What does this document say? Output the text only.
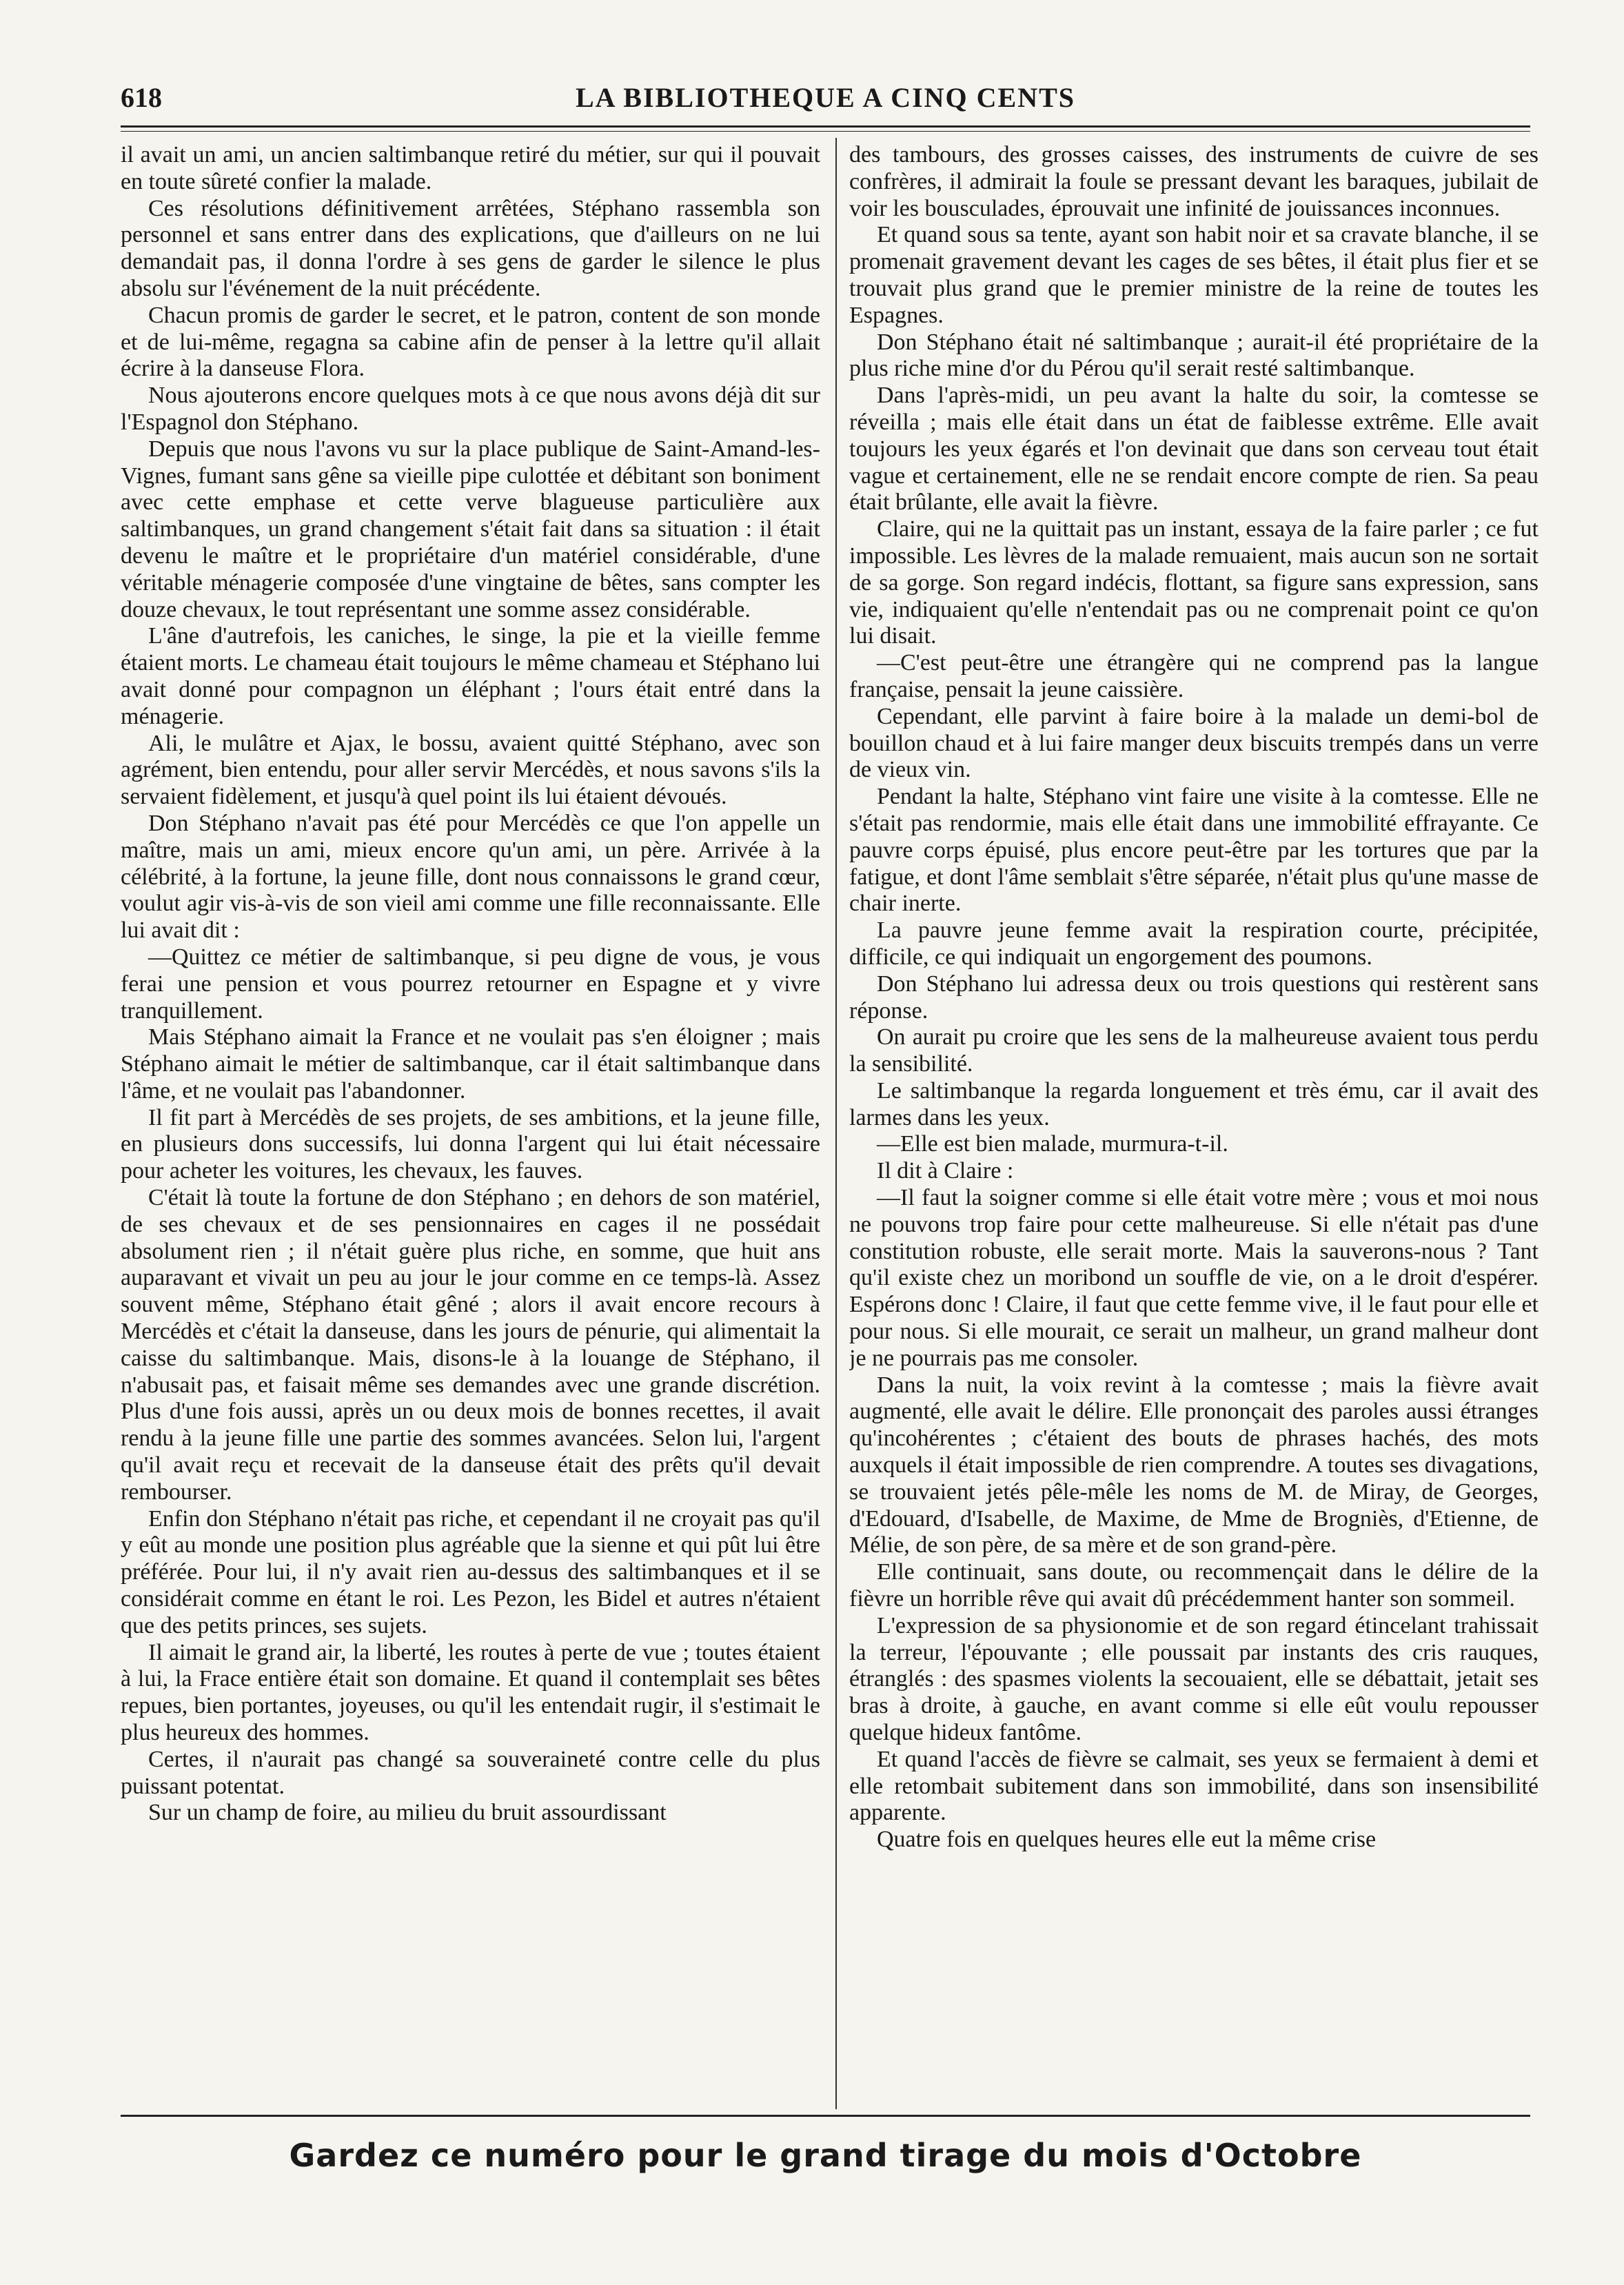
618	LA BIBLIOTHEQUE A CINQ CENTS

il avait un ami, un ancien saltimbanque retiré du métier, sur qui il pouvait en toute sûreté confier la malade.

Ces résolutions définitivement arrêtées, Stéphano rassembla son personnel et sans entrer dans des explications, que d'ailleurs on ne lui demandait pas, il donna l'ordre à ses gens de garder le silence le plus absolu sur l'événement de la nuit précédente.

Chacun promis de garder le secret, et le patron, content de son monde et de lui-même, regagna sa cabine afin de penser à la lettre qu'il allait écrire à la danseuse Flora.

Nous ajouterons encore quelques mots à ce que nous avons déjà dit sur l'Espagnol don Stéphano.

Depuis que nous l'avons vu sur la place publique de Saint-Amand-les-Vignes, fumant sans gêne sa vieille pipe culottée et débitant son boniment avec cette emphase et cette verve blagueuse particulière aux saltimbanques, un grand changement s'était fait dans sa situation : il était devenu le maître et le propriétaire d'un matériel considérable, d'une véritable ménagerie composée d'une vingtaine de bêtes, sans compter les douze chevaux, le tout représentant une somme assez considérable.

L'âne d'autrefois, les caniches, le singe, la pie et la vieille femme étaient morts. Le chameau était toujours le même chameau et Stéphano lui avait donné pour compagnon un éléphant ; l'ours était entré dans la ménagerie.

Ali, le mulâtre et Ajax, le bossu, avaient quitté Stéphano, avec son agrément, bien entendu, pour aller servir Mercédès, et nous savons s'ils la servaient fidèlement, et jusqu'à quel point ils lui étaient dévoués.

Don Stéphano n'avait pas été pour Mercédès ce que l'on appelle un maître, mais un ami, mieux encore qu'un ami, un père. Arrivée à la célébrité, à la fortune, la jeune fille, dont nous connaissons le grand cœur, voulut agir vis-à-vis de son vieil ami comme une fille reconnaissante. Elle lui avait dit :

—Quittez ce métier de saltimbanque, si peu digne de vous, je vous ferai une pension et vous pourrez retourner en Espagne et y vivre tranquillement.

Mais Stéphano aimait la France et ne voulait pas s'en éloigner ; mais Stéphano aimait le métier de saltimbanque, car il était saltimbanque dans l'âme, et ne voulait pas l'abandonner.

Il fit part à Mercédès de ses projets, de ses ambitions, et la jeune fille, en plusieurs dons successifs, lui donna l'argent qui lui était nécessaire pour acheter les voitures, les chevaux, les fauves.

C'était là toute la fortune de don Stéphano ; en dehors de son matériel, de ses chevaux et de ses pensionnaires en cages il ne possédait absolument rien ; il n'était guère plus riche, en somme, que huit ans auparavant et vivait un peu au jour le jour comme en ce temps-là. Assez souvent même, Stéphano était gêné ; alors il avait encore recours à Mercédès et c'était la danseuse, dans les jours de pénurie, qui alimentait la caisse du saltimbanque. Mais, disons-le à la louange de Stéphano, il n'abusait pas, et faisait même ses demandes avec une grande discrétion. Plus d'une fois aussi, après un ou deux mois de bonnes recettes, il avait rendu à la jeune fille une partie des sommes avancées. Selon lui, l'argent qu'il avait reçu et recevait de la danseuse était des prêts qu'il devait rembourser.

Enfin don Stéphano n'était pas riche, et cependant il ne croyait pas qu'il y eût au monde une position plus agréable que la sienne et qui pût lui être préférée. Pour lui, il n'y avait rien au-dessus des saltimbanques et il se considérait comme en étant le roi. Les Pezon, les Bidel et autres n'étaient que des petits princes, ses sujets.

Il aimait le grand air, la liberté, les routes à perte de vue ; toutes étaient à lui, la Frace entière était son domaine. Et quand il contemplait ses bêtes repues, bien portantes, joyeuses, ou qu'il les entendait rugir, il s'estimait le plus heureux des hommes.

Certes, il n'aurait pas changé sa souveraineté contre celle du plus puissant potentat.

Sur un champ de foire, au milieu du bruit assourdissant

des tambours, des grosses caisses, des instruments de cuivre de ses confrères, il admirait la foule se pressant devant les baraques, jubilait de voir les bousculades, éprouvait une infinité de jouissances inconnues.

Et quand sous sa tente, ayant son habit noir et sa cravate blanche, il se promenait gravement devant les cages de ses bêtes, il était plus fier et se trouvait plus grand que le premier ministre de la reine de toutes les Espagnes.

Don Stéphano était né saltimbanque ; aurait-il été propriétaire de la plus riche mine d'or du Pérou qu'il serait resté saltimbanque.

Dans l'après-midi, un peu avant la halte du soir, la comtesse se réveilla ; mais elle était dans un état de faiblesse extrême. Elle avait toujours les yeux égarés et l'on devinait que dans son cerveau tout était vague et certainement, elle ne se rendait encore compte de rien. Sa peau était brûlante, elle avait la fièvre.

Claire, qui ne la quittait pas un instant, essaya de la faire parler ; ce fut impossible. Les lèvres de la malade remuaient, mais aucun son ne sortait de sa gorge. Son regard indécis, flottant, sa figure sans expression, sans vie, indiquaient qu'elle n'entendait pas ou ne comprenait point ce qu'on lui disait.

—C'est peut-être une étrangère qui ne comprend pas la langue française, pensait la jeune caissière.

Cependant, elle parvint à faire boire à la malade un demi-bol de bouillon chaud et à lui faire manger deux biscuits trempés dans un verre de vieux vin.

Pendant la halte, Stéphano vint faire une visite à la comtesse. Elle ne s'était pas rendormie, mais elle était dans une immobilité effrayante. Ce pauvre corps épuisé, plus encore peut-être par les tortures que par la fatigue, et dont l'âme semblait s'être séparée, n'était plus qu'une masse de chair inerte.

La pauvre jeune femme avait la respiration courte, précipitée, difficile, ce qui indiquait un engorgement des poumons.

Don Stéphano lui adressa deux ou trois questions qui restèrent sans réponse.

On aurait pu croire que les sens de la malheureuse avaient tous perdu la sensibilité.

Le saltimbanque la regarda longuement et très ému, car il avait des larmes dans les yeux.

—Elle est bien malade, murmura-t-il.

Il dit à Claire :

—Il faut la soigner comme si elle était votre mère ; vous et moi nous ne pouvons trop faire pour cette malheureuse. Si elle n'était pas d'une constitution robuste, elle serait morte. Mais la sauverons-nous ? Tant qu'il existe chez un moribond un souffle de vie, on a le droit d'espérer. Espérons donc ! Claire, il faut que cette femme vive, il le faut pour elle et pour nous. Si elle mourait, ce serait un malheur, un grand malheur dont je ne pourrais pas me consoler.

Dans la nuit, la voix revint à la comtesse ; mais la fièvre avait augmenté, elle avait le délire. Elle prononçait des paroles aussi étranges qu'incohérentes ; c'étaient des bouts de phrases hachés, des mots auxquels il était impossible de rien comprendre. A toutes ses divagations, se trouvaient jetés pêle-mêle les noms de M. de Miray, de Georges, d'Edouard, d'Isabelle, de Maxime, de Mme de Brogniès, d'Etienne, de Mélie, de son père, de sa mère et de son grand-père.

Elle continuait, sans doute, ou recommençait dans le délire de la fièvre un horrible rêve qui avait dû précédemment hanter son sommeil.

L'expression de sa physionomie et de son regard étincelant trahissait la terreur, l'épouvante ; elle poussait par instants des cris rauques, étranglés : des spasmes violents la secouaient, elle se débattait, jetait ses bras à droite, à gauche, en avant comme si elle eût voulu repousser quelque hideux fantôme.

Et quand l'accès de fièvre se calmait, ses yeux se fermaient à demi et elle retombait subitement dans son immobilité, dans son insensibilité apparente.

Quatre fois en quelques heures elle eut la même crise

Gardez ce numéro pour le grand tirage du mois d'Octobre
